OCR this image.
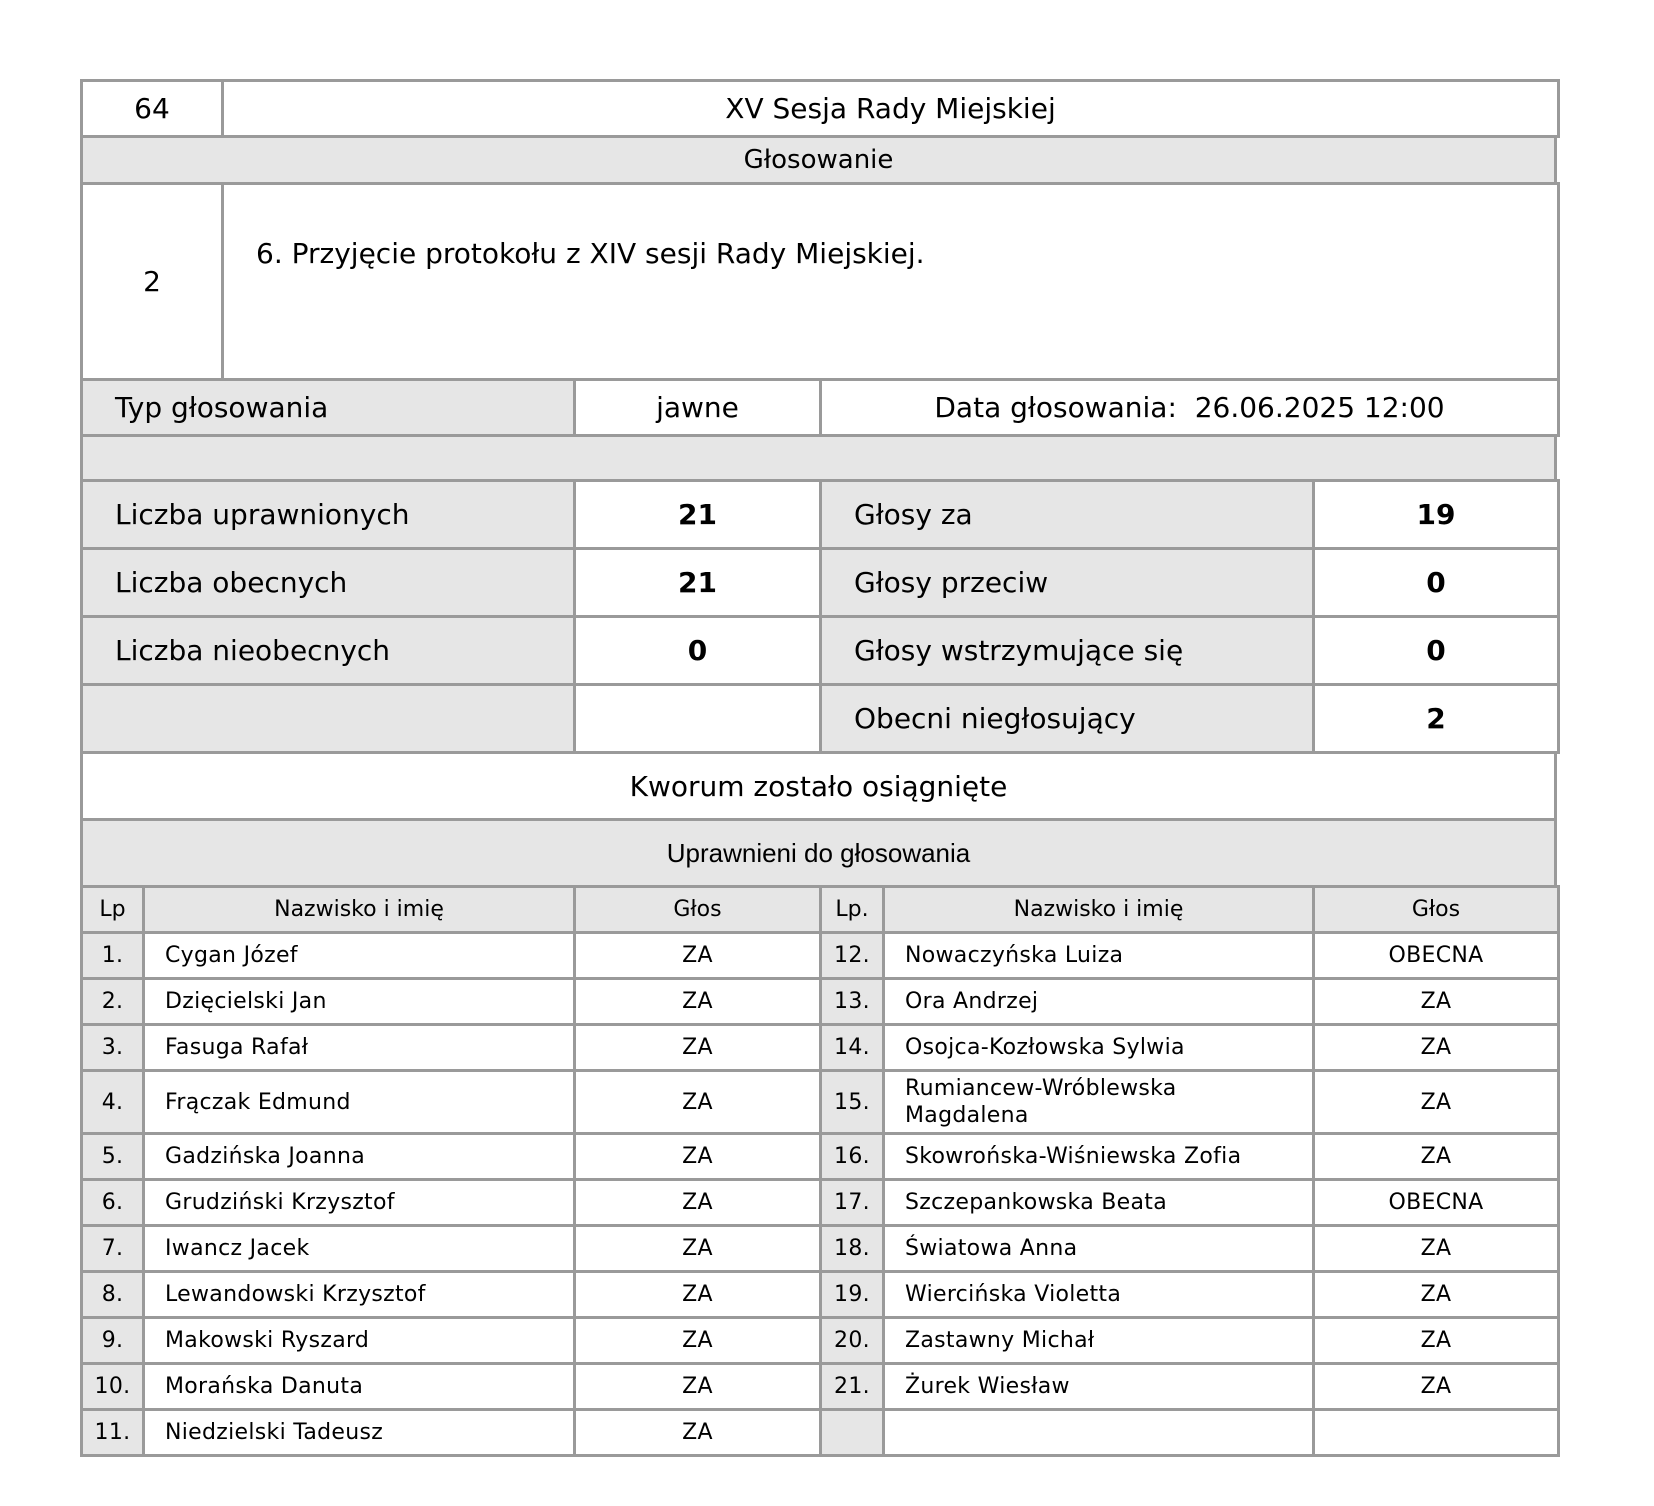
64	XV Sesja Rady Miejskiej
Głosowanie
2	6. Przyjęcie protokołu z XIV sesji Rady Miejskiej.
Typ głosowania	jawne	Data głosowania: 26.06.2025 12:00
Liczba uprawnionych	21	Głosy za	19
Liczba obecnych	21	Głosy przeciw	0
Liczba nieobecnych	0	Głosy wstrzymujące się	0
		Obecni niegłosujący	2
Kworum zostało osiągnięte
Uprawnieni do głosowania
Lp	Nazwisko i imię	Głos	Lp.	Nazwisko i imię	Głos
1.	Cygan Józef	ZA	12.	Nowaczyńska Luiza	OBECNA
2.	Dzięcielski Jan	ZA	13.	Ora Andrzej	ZA
3.	Fasuga Rafał	ZA	14.	Osojca-Kozłowska Sylwia	ZA
4.	Frączak Edmund	ZA	15.	Rumiancew-Wróblewska Magdalena	ZA
5.	Gadzińska Joanna	ZA	16.	Skowrońska-Wiśniewska Zofia	ZA
6.	Grudziński Krzysztof	ZA	17.	Szczepankowska Beata	OBECNA
7.	Iwancz Jacek	ZA	18.	Światowa Anna	ZA
8.	Lewandowski Krzysztof	ZA	19.	Wiercińska Violetta	ZA
9.	Makowski Ryszard	ZA	20.	Zastawny Michał	ZA
10.	Morańska Danuta	ZA	21.	Żurek Wiesław	ZA
11.	Niedzielski Tadeusz	ZA			
